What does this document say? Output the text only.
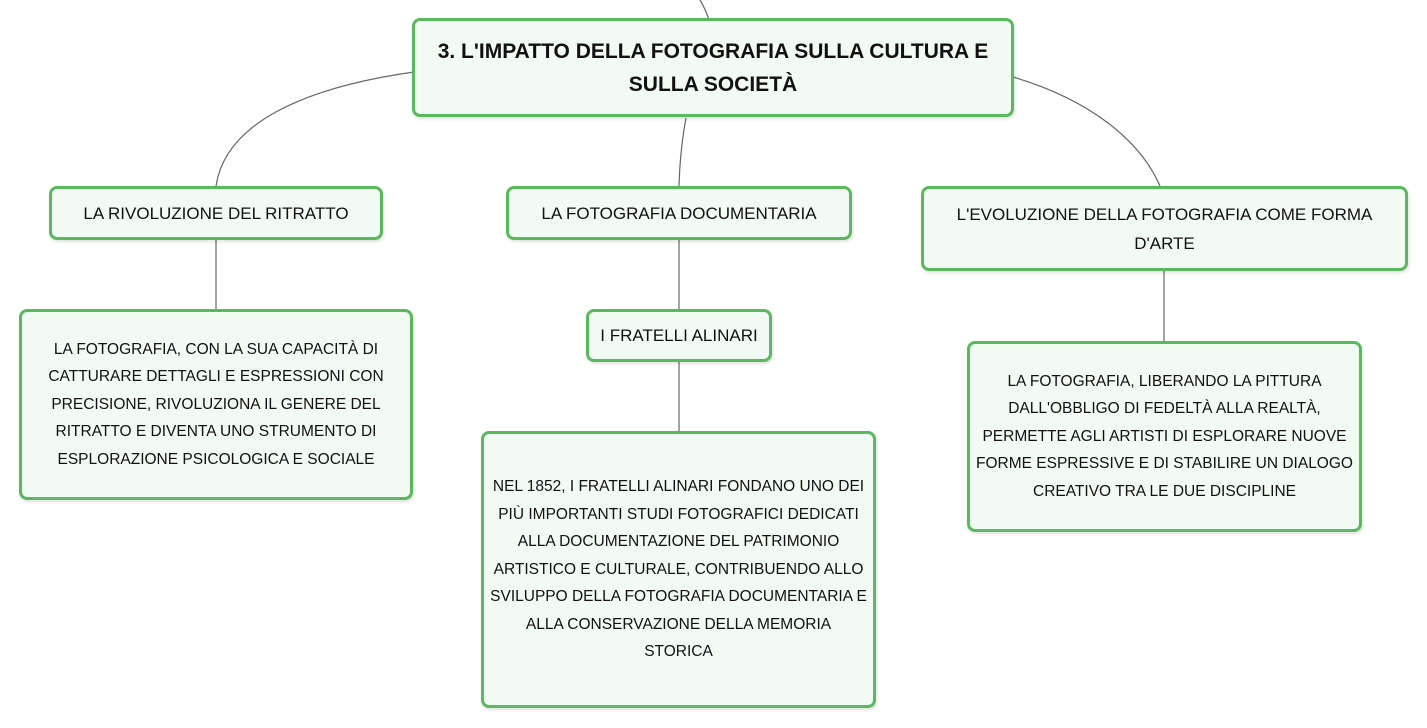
3. L'IMPATTO DELLA FOTOGRAFIA SULLA CULTURA E SULLA SOCIETÀ
LA RIVOLUZIONE DEL RITRATTO	LA FOTOGRAFIA DOCUMENTARIA	L'EVOLUZIONE DELLA FOTOGRAFIA COME FORMA D'ARTE
LA FOTOGRAFIA, CON LA SUA CAPACITÀ DI CATTURARE DETTAGLI E ESPRESSIONI CON PRECISIONE, RIVOLUZIONA IL GENERE DEL RITRATTO E DIVENTA UNO STRUMENTO DI ESPLORAZIONE PSICOLOGICA E SOCIALE
I FRATELLI ALINARI
NEL 1852, I FRATELLI ALINARI FONDANO UNO DEI PIÙ IMPORTANTI STUDI FOTOGRAFICI DEDICATI ALLA DOCUMENTAZIONE DEL PATRIMONIO ARTISTICO E CULTURALE, CONTRIBUENDO ALLO SVILUPPO DELLA FOTOGRAFIA DOCUMENTARIA E ALLA CONSERVAZIONE DELLA MEMORIA STORICA
LA FOTOGRAFIA, LIBERANDO LA PITTURA DALL'OBBLIGO DI FEDELTÀ ALLA REALTÀ, PERMETTE AGLI ARTISTI DI ESPLORARE NUOVE FORME ESPRESSIVE E DI STABILIRE UN DIALOGO CREATIVO TRA LE DUE DISCIPLINE
